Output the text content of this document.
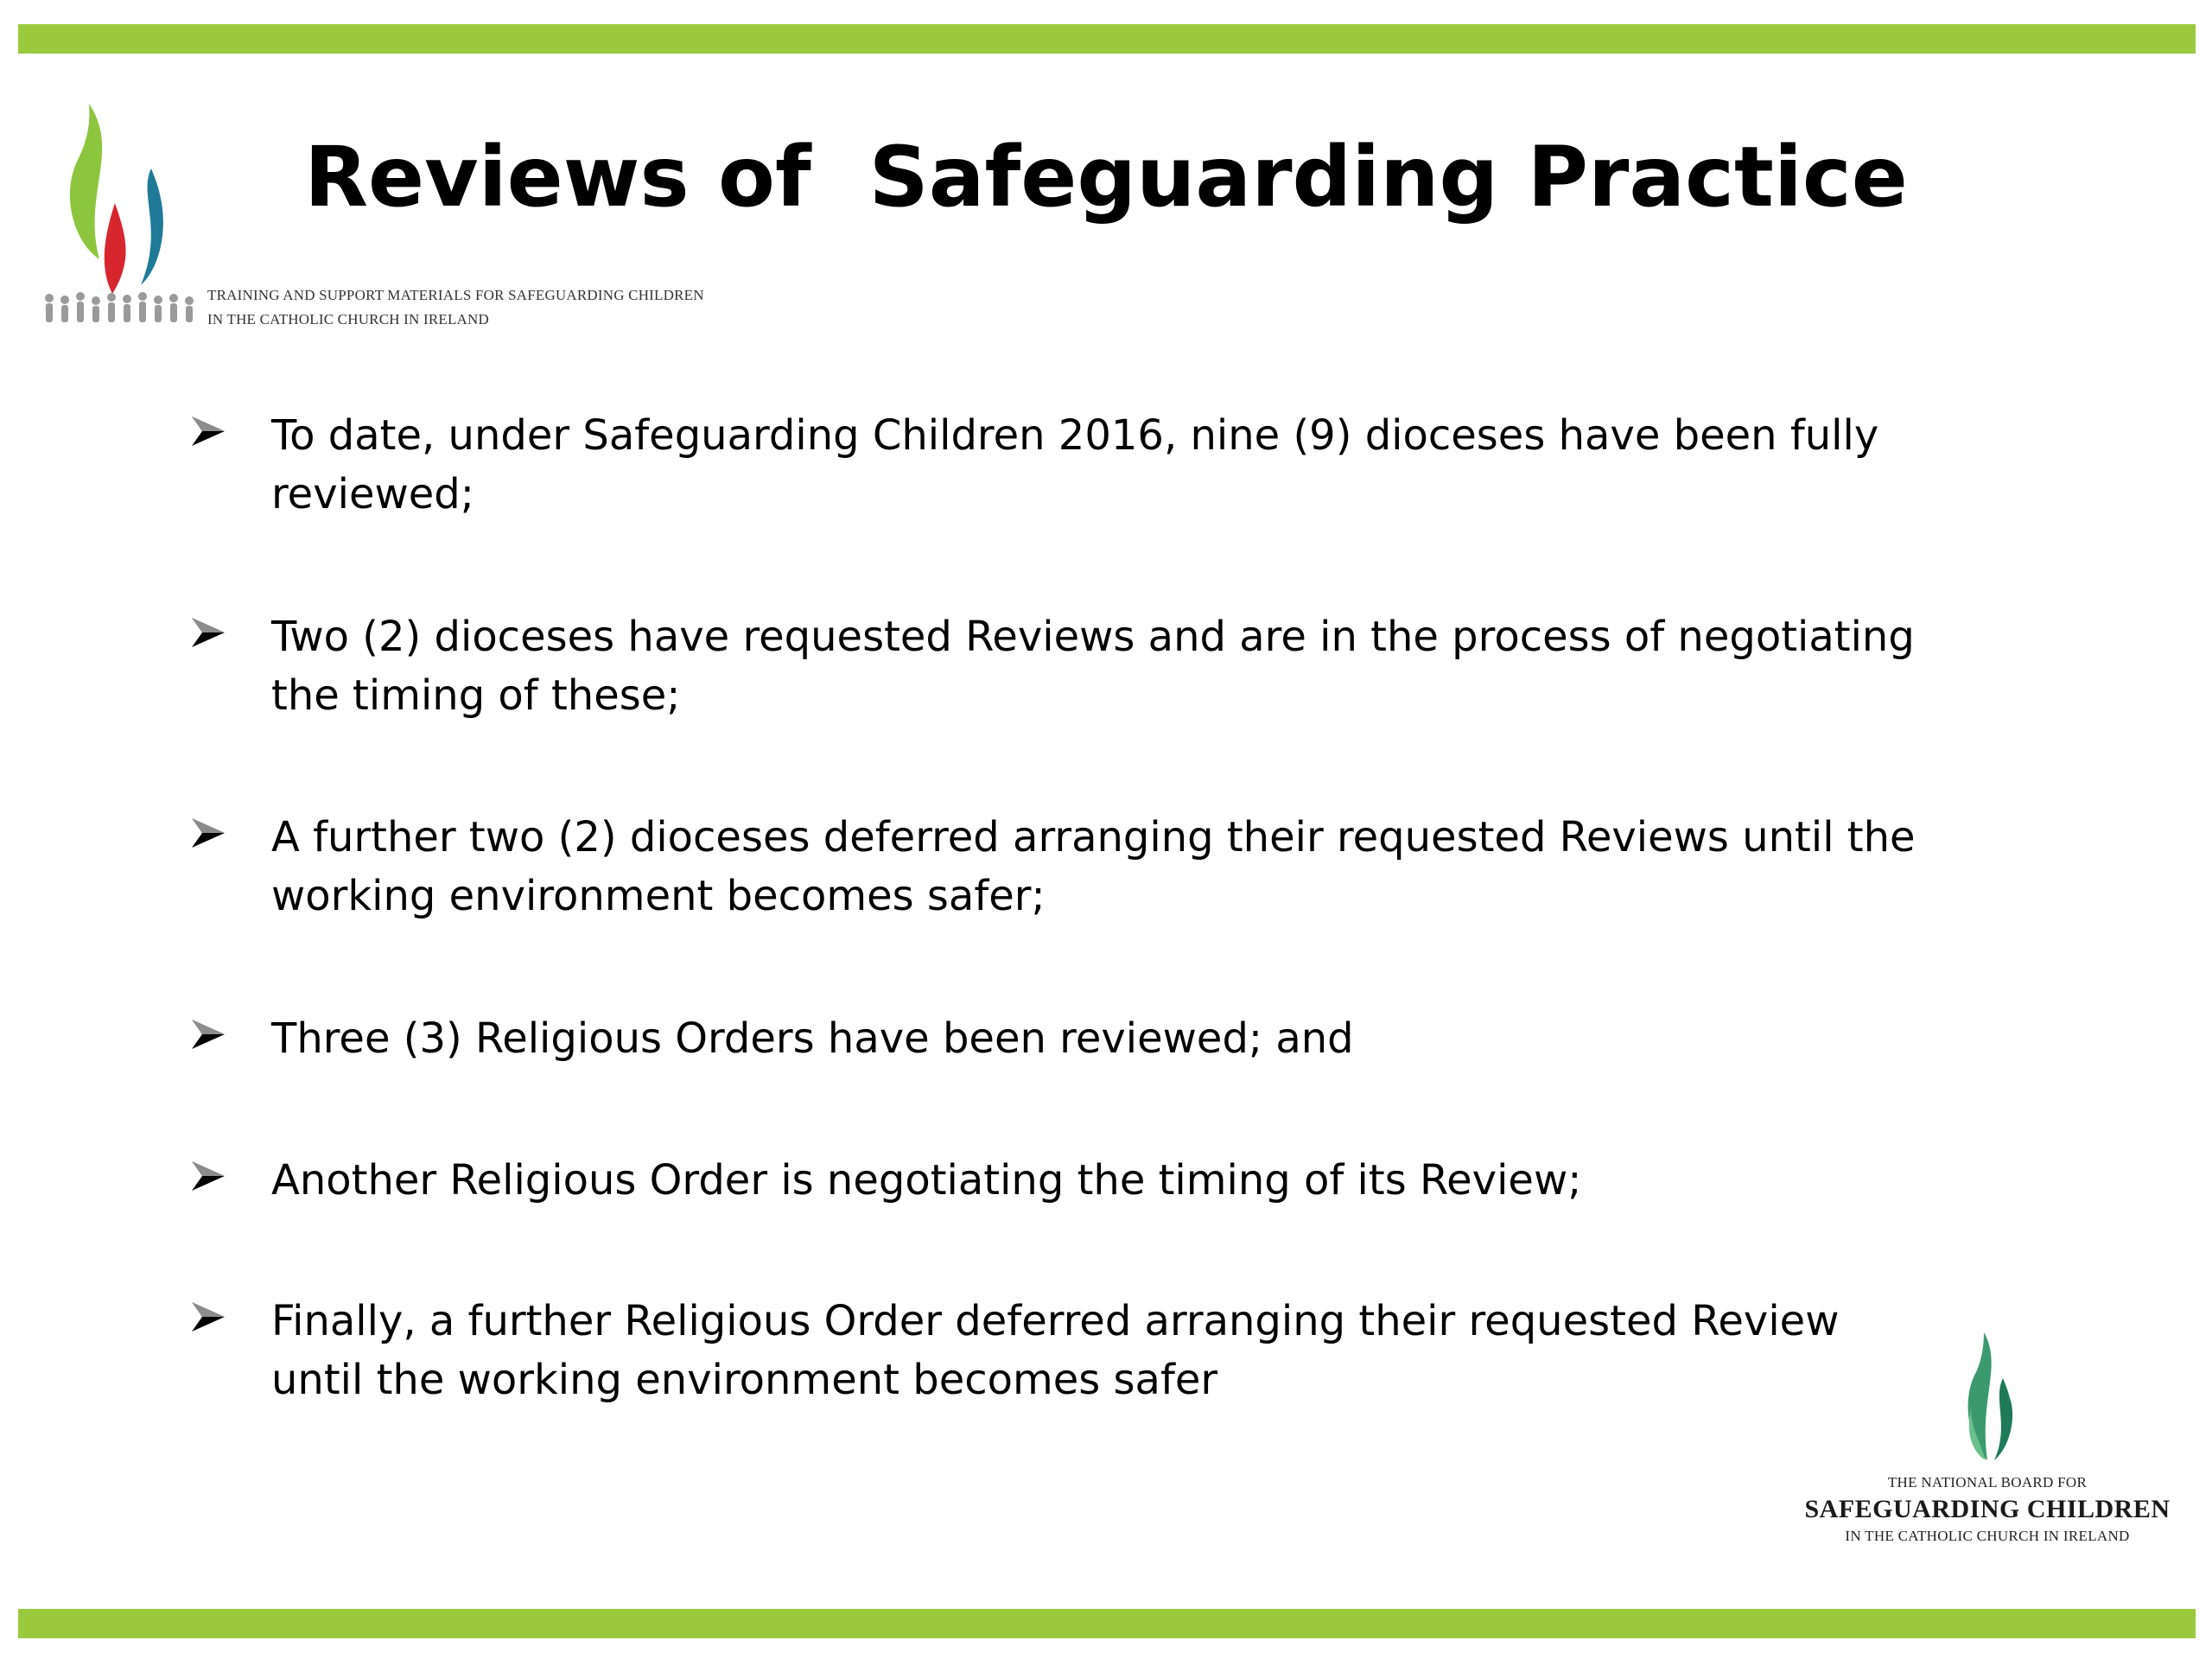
TRAINING AND SUPPORT MATERIALS FOR SAFEGUARDING CHILDREN
IN THE CATHOLIC CHURCH IN IRELAND
Reviews of  Safeguarding Practice
To date, under Safeguarding Children 2016, nine (9) dioceses have been fully reviewed;
Two (2) dioceses have requested Reviews and are in the process of negotiating the timing of these;
A further two (2) dioceses deferred arranging their requested Reviews until the working environment becomes safer;
Three (3) Religious Orders have been reviewed; and
Another Religious Order is negotiating the timing of its Review;
Finally, a further Religious Order deferred arranging their requested Review until the working environment becomes safer
THE NATIONAL BOARD FOR
SAFEGUARDING CHILDREN
IN THE CATHOLIC CHURCH IN IRELAND
